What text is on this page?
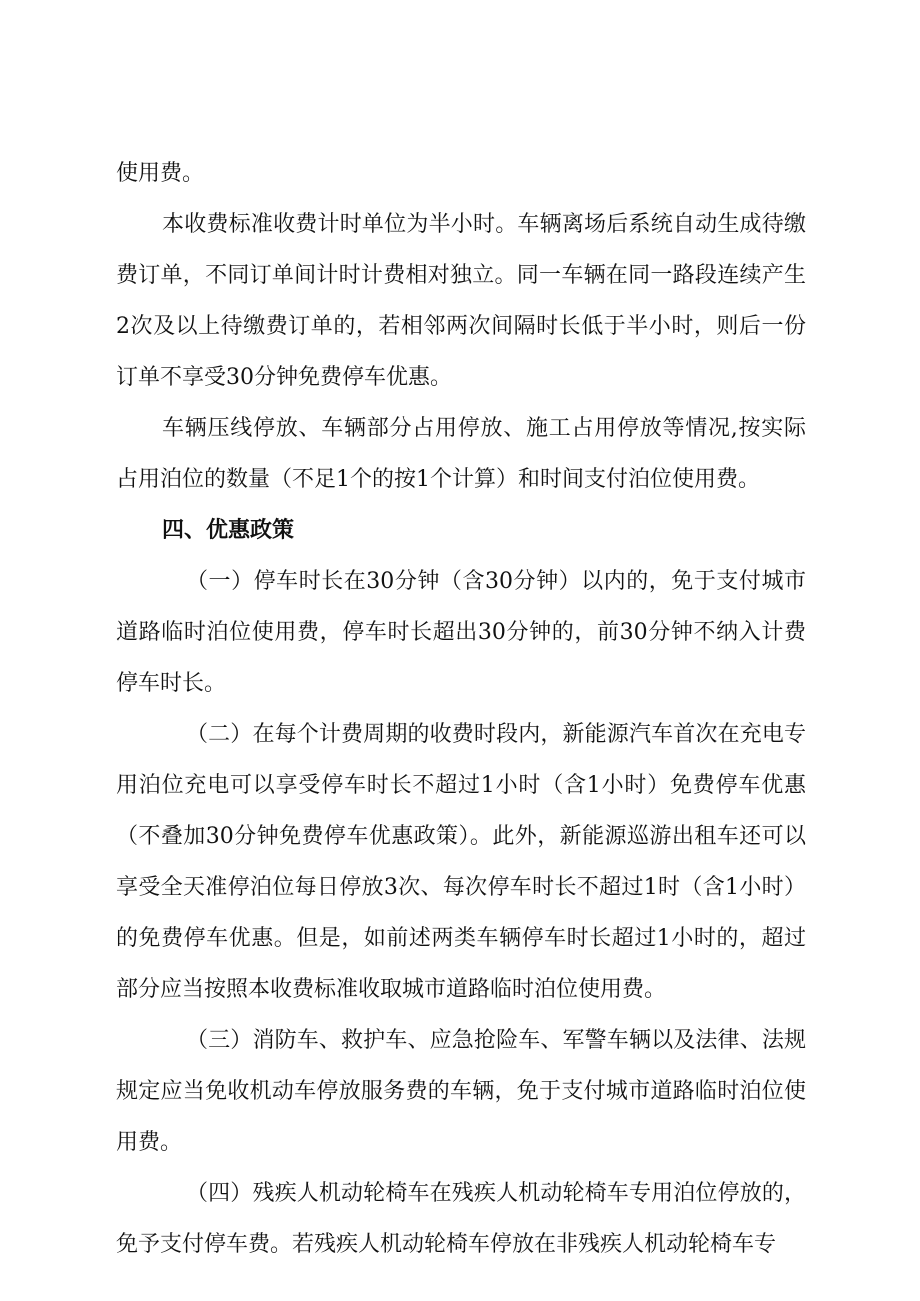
使用费。

本收费标准收费计时单位为半小时。车辆离场后系统自动生成待缴费订单，不同订单间计时计费相对独立。同一车辆在同一路段连续产生2次及以上待缴费订单的，若相邻两次间隔时长低于半小时，则后一份订单不享受30分钟免费停车优惠。

车辆压线停放、车辆部分占用停放、施工占用停放等情况,按实际占用泊位的数量（不足1个的按1个计算）和时间支付泊位使用费。

四、优惠政策

（一）停车时长在30分钟（含30分钟）以内的，免于支付城市道路临时泊位使用费，停车时长超出30分钟的，前30分钟不纳入计费停车时长。

（二）在每个计费周期的收费时段内，新能源汽车首次在充电专用泊位充电可以享受停车时长不超过1小时（含1小时）免费停车优惠（不叠加30分钟免费停车优惠政策）。此外，新能源巡游出租车还可以享受全天准停泊位每日停放3次、每次停车时长不超过1时（含1小时）的免费停车优惠。但是，如前述两类车辆停车时长超过1小时的，超过部分应当按照本收费标准收取城市道路临时泊位使用费。

（三）消防车、救护车、应急抢险车、军警车辆以及法律、法规规定应当免收机动车停放服务费的车辆，免于支付城市道路临时泊位使用费。

（四）残疾人机动轮椅车在残疾人机动轮椅车专用泊位停放的，免予支付停车费。若残疾人机动轮椅车停放在非残疾人机动轮椅车专
